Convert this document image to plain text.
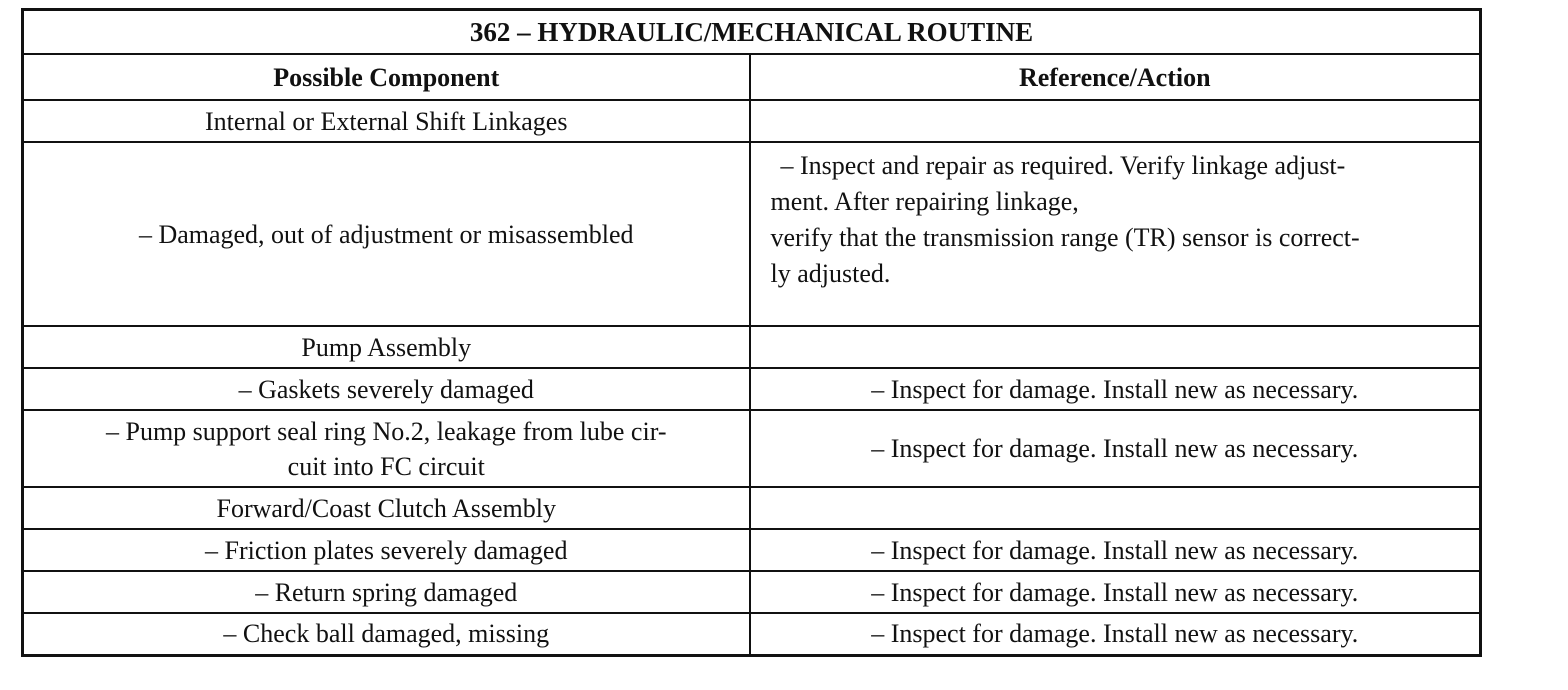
362 – HYDRAULIC/MECHANICAL ROUTINE	
Possible Component	Reference/Action
Internal or External Shift Linkages	
– Damaged, out of adjustment or misassembled	– Inspect and repair as required. Verify linkage adjust-
ment. After repairing linkage,
verify that the transmission range (TR) sensor is correct-
ly adjusted.

Pump Assembly	
– Gaskets severely damaged	– Inspect for damage. Install new as necessary.

– Pump support seal ring No.2, leakage from lube cir-
cuit into FC circuit	– Inspect for damage. Install new as necessary.
Forward/Coast Clutch Assembly	
– Friction plates severely damaged	– Inspect for damage. Install new as necessary.
– Return spring damaged	– Inspect for damage. Install new as necessary.
– Check ball damaged, missing	– Inspect for damage. Install new as necessary.
